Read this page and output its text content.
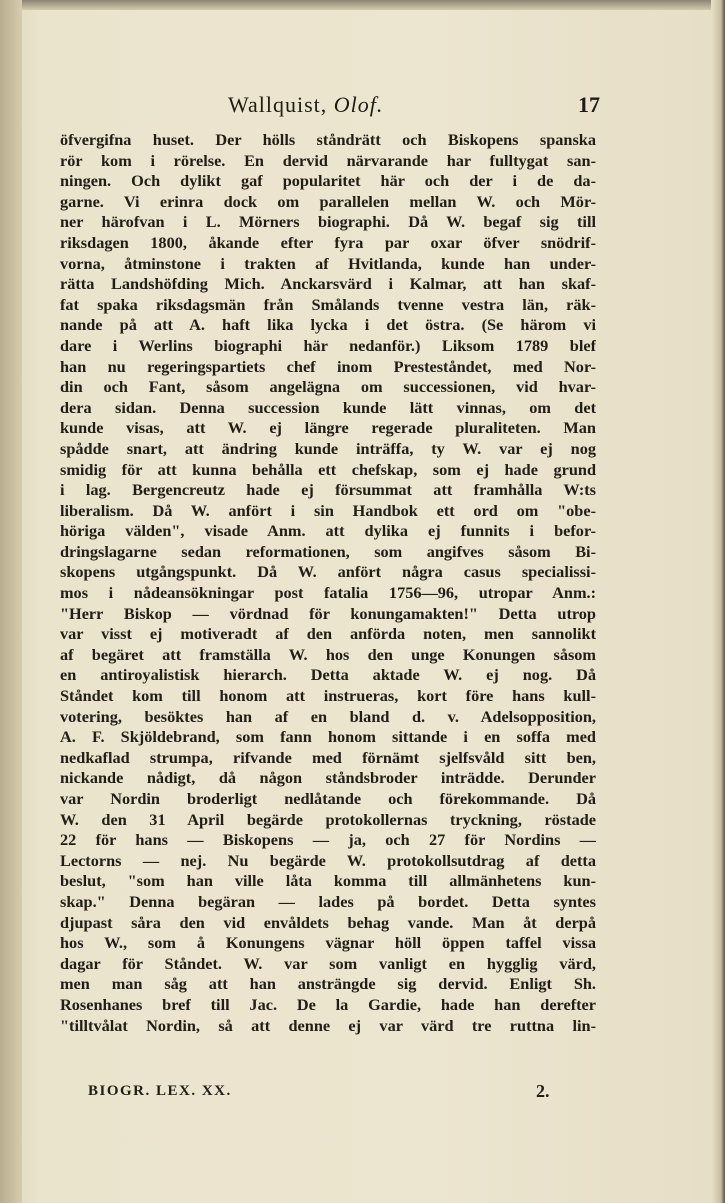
Wallquist, Olof.	17
öfvergifna huset. Der hölls ståndrätt och Biskopens spanska
rör kom i rörelse. En dervid närvarande har fulltygat san-
ningen. Och dylikt gaf popularitet här och der i de da-
garne. Vi erinra dock om parallelen mellan W. och Mör-
ner härofvan i L. Mörners biographi. Då W. begaf sig till
riksdagen 1800, åkande efter fyra par oxar öfver snödrif-
vorna, åtminstone i trakten af Hvitlanda, kunde han under-
rätta Landshöfding Mich. Anckarsvärd i Kalmar, att han skaf-
fat spaka riksdagsmän från Smålands tvenne vestra län, räk-
nande på att A. haft lika lycka i det östra. (Se härom vi
dare i Werlins biographi här nedanför.) Liksom 1789 blef
han nu regeringspartiets chef inom Presteståndet, med Nor-
din och Fant, såsom angelägna om successionen, vid hvar-
dera sidan. Denna succession kunde lätt vinnas, om det
kunde visas, att W. ej längre regerade pluraliteten. Man
spådde snart, att ändring kunde inträffa, ty W. var ej nog
smidig för att kunna behålla ett chefskap, som ej hade grund
i lag. Bergencreutz hade ej försummat att framhålla W:ts
liberalism. Då W. anfört i sin Handbok ett ord om "obe-
höriga välden", visade Anm. att dylika ej funnits i befor-
dringslagarne sedan reformationen, som angifves såsom Bi-
skopens utgångspunkt. Då W. anfört några casus specialissi-
mos i nådeansökningar post fatalia 1756—96, utropar Anm.:
"Herr Biskop — vördnad för konungamakten!" Detta utrop
var visst ej motiveradt af den anförda noten, men sannolikt
af begäret att framställa W. hos den unge Konungen såsom
en antiroyalistisk hierarch. Detta aktade W. ej nog. Då
Ståndet kom till honom att instrueras, kort före hans kull-
votering, besöktes han af en bland d. v. Adelsopposition,
A. F. Skjöldebrand, som fann honom sittande i en soffa med
nedkaflad strumpa, rifvande med förnämt sjelfsvåld sitt ben,
nickande nådigt, då någon ståndsbroder inträdde. Derunder
var Nordin broderligt nedlåtande och förekommande. Då
W. den 31 April begärde protokollernas tryckning, röstade
22 för hans — Biskopens — ja, och 27 för Nordins —
Lectorns — nej. Nu begärde W. protokollsutdrag af detta
beslut, "som han ville låta komma till allmänhetens kun-
skap." Denna begäran — lades på bordet. Detta syntes
djupast såra den vid envåldets behag vande. Man åt derpå
hos W., som å Konungens vägnar höll öppen taffel vissa
dagar för Ståndet. W. var som vanligt en hygglig värd,
men man såg att han ansträngde sig dervid. Enligt Sh.
Rosenhanes bref till Jac. De la Gardie, hade han derefter
"tilltvålat Nordin, så att denne ej var värd tre ruttna lin-
BIOGR. LEX. XX.	2.
